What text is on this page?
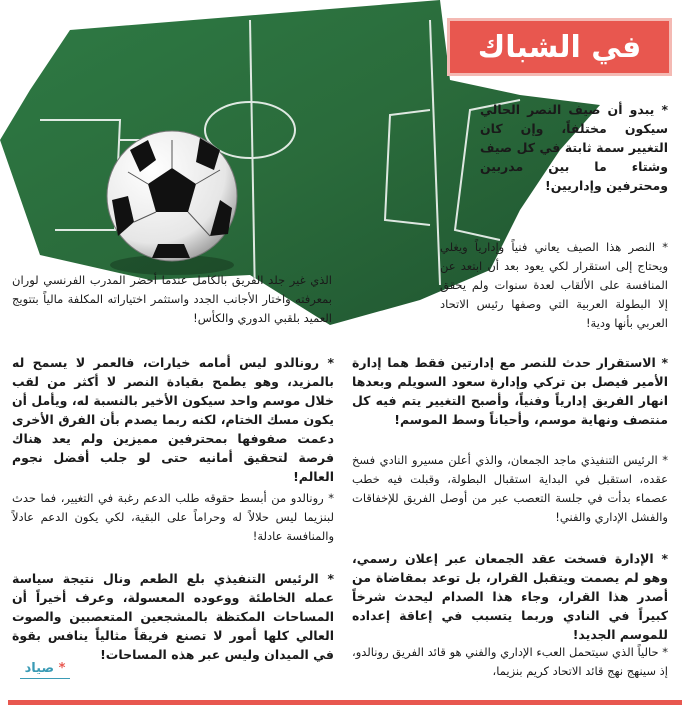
في الشباك

* يبدو أن صيف النصر الحالي سيكون مختلفاً، وإن كان التغيير سمة ثابتة في كل صيف وشتاء ما بين مدربين ومحترفين وإداريين!

* النصر هذا الصيف يعاني فنياً وإدارياً ويغلي ويحتاج إلى استقرار لكي يعود بعد أن ابتعد عن المنافسة على الألقاب لعدة سنوات ولم يحقق إلا البطولة العربية التي وصفها رئيس الاتحاد العربي بأنها ودية!

* الاستقرار حدث للنصر مع إدارتين فقط هما إدارة الأمير فيصل بن تركي وإدارة سعود السويلم وبعدها انهار الفريق إدارياً وفنياً، وأصبح التغيير يتم فيه كل منتصف ونهاية موسم، وأحياناً وسط الموسم!

* الرئيس التنفيذي ماجد الجمعان، والذي أعلن مسيرو النادي فسخ عقده، استقبل في البداية استقبال البطولة، وقبلت فيه خطب عصماء بدأت في جلسة التعصب عبر من أوصل الفريق للإخفاقات والفشل الإداري والفني!

* الإدارة فسخت عقد الجمعان عبر إعلان رسمي، وهو لم يصمت ويتقبل القرار، بل توعد بمقاضاة من أصدر هذا القرار، وجاء هذا الصدام ليحدث شرخاً كبيراً في النادي وربما يتسبب في إعاقة إعداده للموسم الجديد!

* حالياً الذي سيتحمل العبء الإداري والفني هو قائد الفريق رونالدو، إذ سينهج نهج قائد الاتحاد كريم بنزيما،

الذي غير جلد الفريق بالكامل عندما أحضر المدرب الفرنسي لوران بمعرفته واختار الأجانب الجدد واستثمر اختياراته المكلفة مالياً بتتويج العميد بلقبي الدوري والكأس!

* رونالدو ليس أمامه خيارات، فالعمر لا يسمح له بالمزيد، وهو يطمح بقيادة النصر لا أكثر من لقب خلال موسم واحد سيكون الأخير بالنسبة له، ويأمل أن يكون مسك الختام، لكنه ربما يصدم بأن الفرق الأخرى دعمت صفوفها بمحترفين مميزين ولم يعد هناك فرصة لتحقيق أمانيه حتى لو جلب أفضل نجوم العالم!

* رونالدو من أبسط حقوقه طلب الدعم رغبة في التغيير، فما حدث لبنزيما ليس حلالاً له وحراماً على البقية، لكي يكون الدعم عادلاً والمنافسة عادلة!

* الرئيس التنفيذي بلع الطعم ونال نتيجة سياسة عمله الخاطئة ووعوده المعسولة، وعرف أخيراً أن المساحات المكتظة بالمشجعين المتعصبين والصوت العالي كلها أمور لا تصنع فريقاً مثالياً ينافس بقوة في الميدان وليس عبر هذه المساحات!

* صياد
